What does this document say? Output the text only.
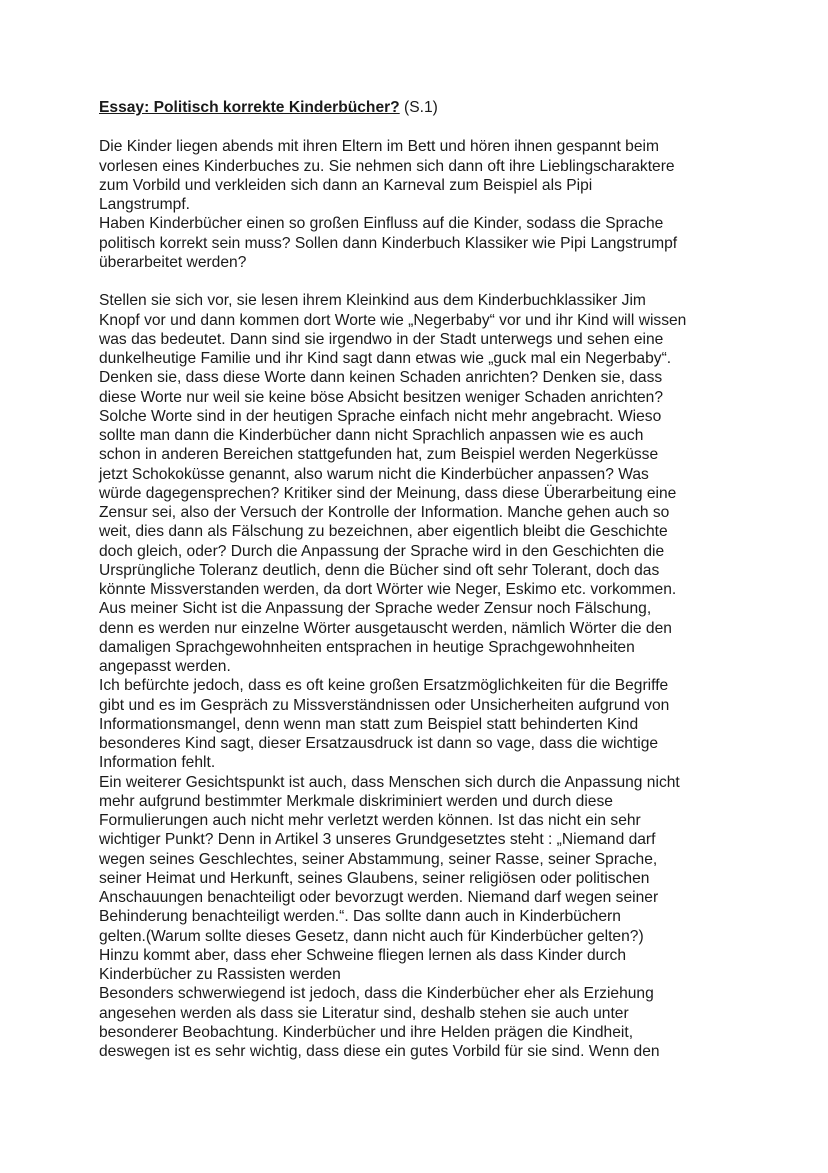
Essay: Politisch korrekte Kinderbücher? (S.1)

Die Kinder liegen abends mit ihren Eltern im Bett und hören ihnen gespannt beim
vorlesen eines Kinderbuches zu. Sie nehmen sich dann oft ihre Lieblingscharaktere
zum Vorbild und verkleiden sich dann an Karneval zum Beispiel als Pipi
Langstrumpf.

Haben Kinderbücher einen so großen Einfluss auf die Kinder, sodass die Sprache
politisch korrekt sein muss? Sollen dann Kinderbuch Klassiker wie Pipi Langstrumpf
überarbeitet werden?

Stellen sie sich vor, sie lesen ihrem Kleinkind aus dem Kinderbuchklassiker Jim
Knopf vor und dann kommen dort Worte wie „Negerbaby“ vor und ihr Kind will wissen
was das bedeutet. Dann sind sie irgendwo in der Stadt unterwegs und sehen eine
dunkelheutige Familie und ihr Kind sagt dann etwas wie „guck mal ein Negerbaby“.
Denken sie, dass diese Worte dann keinen Schaden anrichten? Denken sie, dass
diese Worte nur weil sie keine böse Absicht besitzen weniger Schaden anrichten?
Solche Worte sind in der heutigen Sprache einfach nicht mehr angebracht. Wieso
sollte man dann die Kinderbücher dann nicht Sprachlich anpassen wie es auch
schon in anderen Bereichen stattgefunden hat, zum Beispiel werden Negerküsse
jetzt Schokoküsse genannt, also warum nicht die Kinderbücher anpassen? Was
würde dagegensprechen? Kritiker sind der Meinung, dass diese Überarbeitung eine
Zensur sei, also der Versuch der Kontrolle der Information. Manche gehen auch so
weit, dies dann als Fälschung zu bezeichnen, aber eigentlich bleibt die Geschichte
doch gleich, oder? Durch die Anpassung der Sprache wird in den Geschichten die
Ursprüngliche Toleranz deutlich, denn die Bücher sind oft sehr Tolerant, doch das
könnte Missverstanden werden, da dort Wörter wie Neger, Eskimo etc. vorkommen.
Aus meiner Sicht ist die Anpassung der Sprache weder Zensur noch Fälschung,
denn es werden nur einzelne Wörter ausgetauscht werden, nämlich Wörter die den
damaligen Sprachgewohnheiten entsprachen in heutige Sprachgewohnheiten
angepasst werden.

Ich befürchte jedoch, dass es oft keine großen Ersatzmöglichkeiten für die Begriffe
gibt und es im Gespräch zu Missverständnissen oder Unsicherheiten aufgrund von
Informationsmangel, denn wenn man statt zum Beispiel statt behinderten Kind
besonderes Kind sagt, dieser Ersatzausdruck ist dann so vage, dass die wichtige
Information fehlt.

Ein weiterer Gesichtspunkt ist auch, dass Menschen sich durch die Anpassung nicht
mehr aufgrund bestimmter Merkmale diskriminiert werden und durch diese
Formulierungen auch nicht mehr verletzt werden können. Ist das nicht ein sehr
wichtiger Punkt? Denn in Artikel 3 unseres Grundgesetztes steht : „Niemand darf
wegen seines Geschlechtes, seiner Abstammung, seiner Rasse, seiner Sprache,
seiner Heimat und Herkunft, seines Glaubens, seiner religiösen oder politischen
Anschauungen benachteiligt oder bevorzugt werden. Niemand darf wegen seiner
Behinderung benachteiligt werden.“. Das sollte dann auch in Kinderbüchern
gelten.(Warum sollte dieses Gesetz, dann nicht auch für Kinderbücher gelten?)

Hinzu kommt aber, dass eher Schweine fliegen lernen als dass Kinder durch
Kinderbücher zu Rassisten werden

Besonders schwerwiegend ist jedoch, dass die Kinderbücher eher als Erziehung
angesehen werden als dass sie Literatur sind, deshalb stehen sie auch unter
besonderer Beobachtung. Kinderbücher und ihre Helden prägen die Kindheit,
deswegen ist es sehr wichtig, dass diese ein gutes Vorbild für sie sind. Wenn den
